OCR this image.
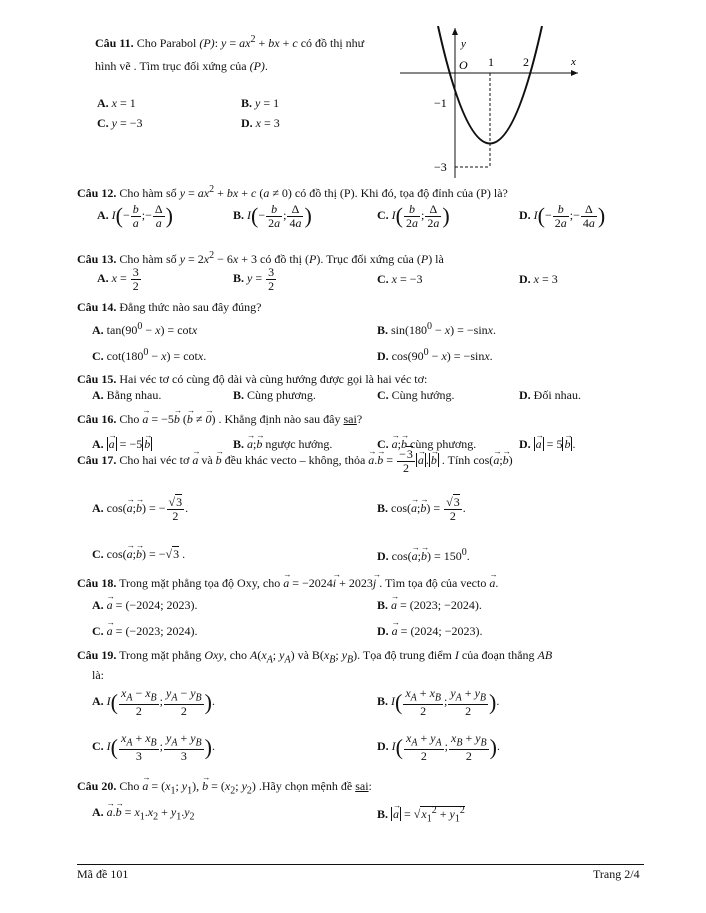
Câu 11. Cho Parabol (P): $y = ax^2$ + bx + c có đồ thị như
hình vẽ . Tìm trục đối xứng của (P).
A. x = 1	B. y = 1
C. y = −3	D. x = 3
y
x
O 1 2
−1
−3
Câu 12. Cho hàm số $y = ax^2$ + bx + c (a ≠ 0) có đồ thị (P). Khi đó, tọa độ đỉnh của (P) là?
A. $I(- \frac{b}{a}$ ;− $\frac{\Delta}{a}$ )	B. $I(- \frac{b}{2a}$ ; $\frac{\Delta}{4a}$ )	C. $I( \frac{b}{2a}$ ; $\frac{\Delta}{2a}$ )	D. $I(- \frac{b}{2a}$ ;− $\frac{\Delta}{4a}$ )
Câu 13. Cho hàm số $y = 2x^2 - 6x + 3$ có đồ thị (P). Trục đối xứng của (P) là
A. $x = \frac{3}{2}$	B. $y = \frac{3}{2}$	C. x = −3	D. x = 3
Câu 14. Đẳng thức nào sau đây đúng?
A. $\tan(90^0 - x) = \cot x$	B. $\sin(180^0 - x) = -\sin x$.
C. $\cot(180^0 - x) = \cot x$.	D. $\cos(90^0 - x) = -\sin x$.
Câu 15. Hai véc tơ có cùng độ dài và cùng hướng được gọi là hai véc tơ:
A. Bằng nhau.	B. Cùng phương.	C. Cùng hướng.	D. Đối nhau.
Câu 16. Cho → a = −5→ b (→ b ≠ → 0) . Khẳng định nào sau đây sai?
A. → a = −5→ b	B. → a;→ b ngược hướng.	C. → a;→ b cùng phương.	D. → a = 5→ b .
Câu 17. Cho hai véc tơ → a và → b đều khác vecto – không, thỏa → $a.\to b = \frac{-3}{2}$
→ a .→ b . Tính cos(→ a;→ b)
A. cos(→ a;→ b) = − $\frac{√3}{2}$ .	B. cos(→ a;→ $b) = \frac{√3}{2}$ .
C. cos(→ a;→ b) = −√3 .	D. cos(→ a;→ $b) = 150^0$.
Câu 18. Trong mặt phẳng tọa độ Oxy, cho → a = −2024→ i + 2023→ j . Tìm tọa độ của vecto → a.
A. → a = (−2024; 2023).	B. → a = (2023; −2024).
C. → a = (−2023; 2024).	D. → a = (2024; −2023).
Câu 19. Trong mặt phẳng Oxy, cho $A(x_A$; $y_A$) và $B(x_B$; $y_B$). Tọa độ trung điểm I của đoạn thẳng AB
là:
A. $I( \frac{x_A - x_B}{2}$ ; $\frac{y_A - y_B}{2}$ ).	B. $I( \frac{x_A + x_B}{2}$ ; $\frac{y_A + y_B}{2}$ ).
C. $I( \frac{x_A + x_B}{3}$ ; $\frac{y_A + y_B}{3}$ ).	D. $I( \frac{x_A + y_A}{2}$ ; $\frac{x_B + y_B}{2}$ ).
Câu 20. Cho → $a = (x_1$; $y_1$), → $b = (x_2$; $y_2$) .Hãy chọn mệnh đề sai:
A. → $a.\to b = x_1.x_2 + y_1.y_2$	B. → $a = √x_1^2 + y_1^2$
Mã đề 101	Trang 2/4
